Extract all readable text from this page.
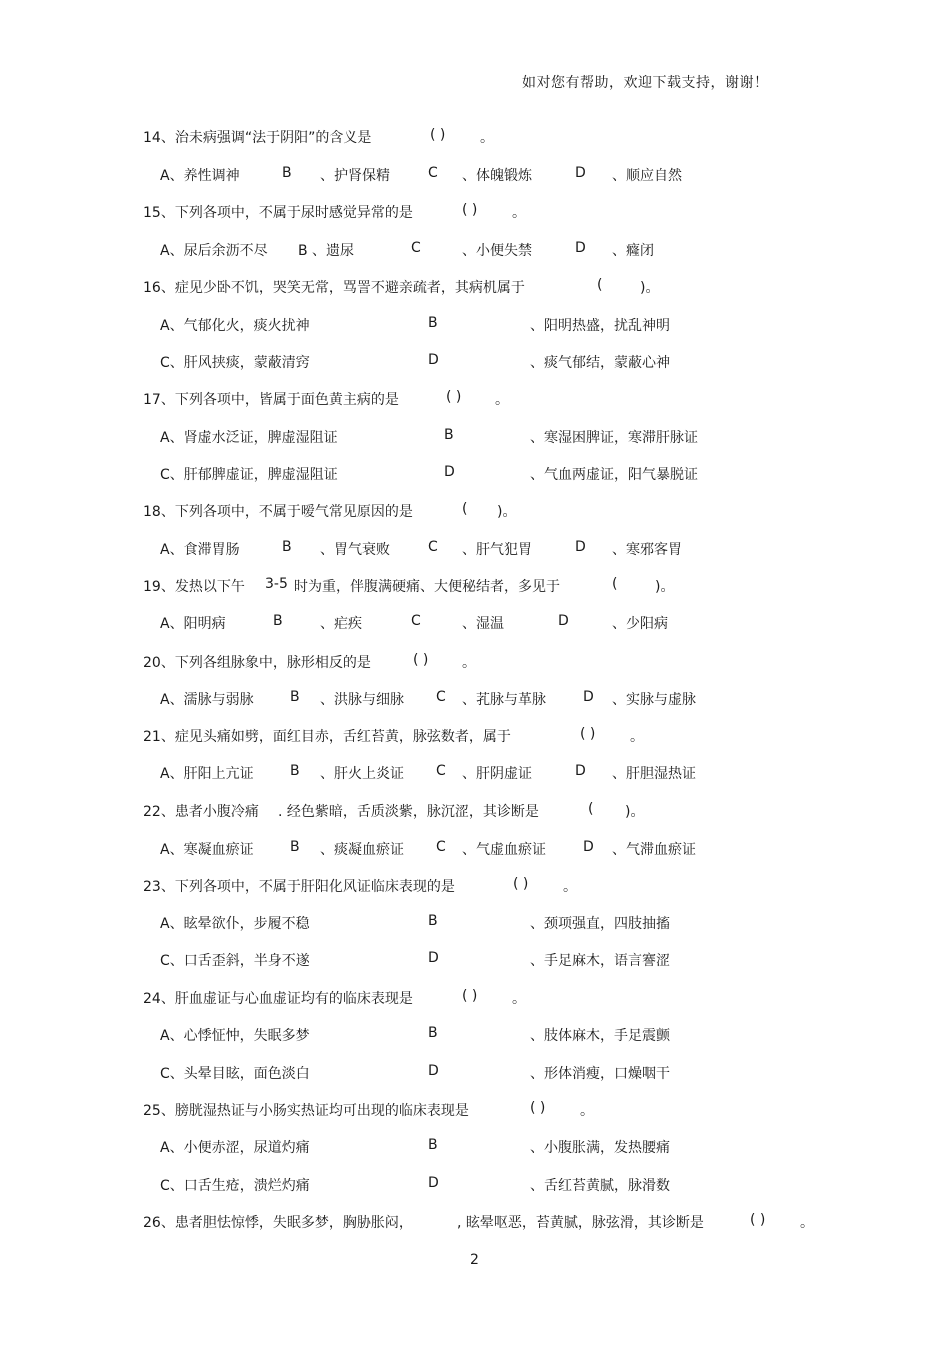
如对您有帮助，欢迎下载支持，谢谢！
14、治未病强调“法于阴阳”的含义是	( ) 。
A、养性调神	B 、护肾保精	C 、体魄锻炼	D 、顺应自然
15、下列各项中，不属于尿时感觉异常的是	( ) 。
A、尿后余沥不尽 B 、遗尿	C	、小便失禁	D 、癃闭
16、症见少卧不饥，哭笑无常，骂詈不避亲疏者，其病机属于	(	)。
A、气郁化火，痰火扰神	B	、阳明热盛，扰乱神明
C、肝风挟痰，蒙蔽清窍	D	、痰气郁结，蒙蔽心神
17、下列各项中，皆属于面色黄主病的是	( ) 。
A、肾虚水泛证，脾虚湿阻证	B	、寒湿困脾证，寒滞肝脉证
C、肝郁脾虚证，脾虚湿阻证	D	、气血两虚证，阳气暴脱证
18、下列各项中，不属于嗳气常见原因的是	( )。
A、食滞胃肠	B 、胃气衰败	C 、肝气犯胃	D 、寒邪客胃
19、发热以下午 3-5 时为重，伴腹满硬痛、大便秘结者，多见于	(	)。
A、阳明病	B	、疟疾	C	、湿温	D	、少阳病
20、下列各组脉象中，脉形相反的是	( ) 。
A、濡脉与弱脉	B 、洪脉与细脉 C 、芤脉与革脉	D 、实脉与虚脉
21、症见头痛如劈，面红目赤，舌红苔黄，脉弦数者，属于	( ) 。
A、肝阳上亢证	B 、肝火上炎证 C 、肝阴虚证	D 、肝胆湿热证
22、患者小腹冷痛 . 经色紫暗，舌质淡紫，脉沉涩，其诊断是	( )。
A、寒凝血瘀证	B 、痰凝血瘀证 C 、气虚血瘀证	D 、气滞血瘀证
23、下列各项中，不属于肝阳化风证临床表现的是	( ) 。
A、眩晕欲仆，步履不稳	B	、颈项强直，四肢抽搐
C、口舌歪斜，半身不遂	D	、手足麻木，语言謇涩
24、肝血虚证与心血虚证均有的临床表现是	( ) 。
A、心悸怔忡，失眠多梦	B	、肢体麻木，手足震颤
C、头晕目眩，面色淡白	D	、形体消瘦，口燥咽干
25、膀胱湿热证与小肠实热证均可出现的临床表现是	( ) 。
A、小便赤涩，尿道灼痛	B	、小腹胀满，发热腰痛
C、口舌生疮，溃烂灼痛	D	、舌红苔黄腻，脉滑数
26、患者胆怯惊悸，失眠多梦，胸胁胀闷，	, 眩晕呕恶，苔黄腻，脉弦滑，其诊断是	( ) 。
2
